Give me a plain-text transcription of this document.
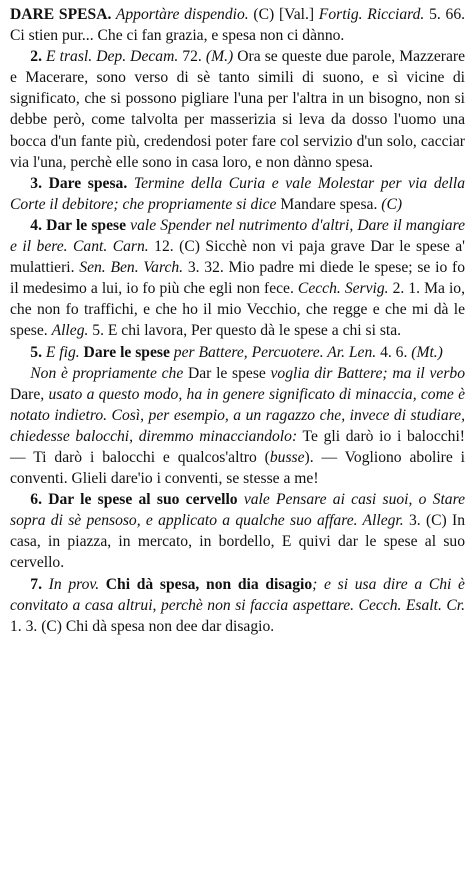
DARE SPESA. Apportàre dispendio. (C) [Val.] Fortig. Ricciard. 5. 66. Ci stien pur... Che ci fan grazia, e spesa non ci dànno.

2. E trasl. Dep. Decam. 72. (M.) Ora se queste due parole, Mazzerare e Macerare, sono verso di sè tanto simili di suono, e sì vicine di significato, che si possono pigliare l'una per l'altra in un bisogno, non si debbe però, come talvolta per masserizia si leva da dosso l'uomo una bocca d'un fante più, credendosi poter fare col servizio d'un solo, cacciar via l'una, perchè elle sono in casa loro, e non dànno spesa.

3. Dare spesa. Termine della Curia e vale Molestar per via della Corte il debitore; che propriamente si dice Mandare spesa. (C)

4. Dar le spese vale Spender nel nutrimento d'altri, Dare il mangiare e il bere. Cant. Carn. 12. (C) Sicchè non vi paja grave Dar le spese a' mulattieri. Sen. Ben. Varch. 3. 32. Mio padre mi diede le spese; se io fo il medesimo a lui, io fo più che egli non fece. Cecch. Servig. 2. 1. Ma io, che non fo traffichi, e che ho il mio Vecchio, che regge e che mi dà le spese. Alleg. 5. E chi lavora, Per questo dà le spese a chi si sta.

5. E fig. Dare le spese per Battere, Percuotere. Ar. Len. 4. 6. (Mt.)

Non è propriamente che Dar le spese voglia dir Battere; ma il verbo Dare, usato a questo modo, ha in genere significato di minaccia, come è notato indietro. Così, per esempio, a un ragazzo che, invece di studiare, chiedesse balocchi, diremmo minacciandolo: Te gli darò io i balocchi! — Ti darò i balocchi e qualcos'altro (busse). — Vogliono abolire i conventi. Glieli dare'io i conventi, se stesse a me!

6. Dar le spese al suo cervello vale Pensare ai casi suoi, o Stare sopra di sè pensoso, e applicato a qualche suo affare. Allegr. 3. (C) In casa, in piazza, in mercato, in bordello, E quivi dar le spese al suo cervello.

7. In prov. Chi dà spesa, non dia disagio; e si usa dire a Chi è convitato a casa altrui, perchè non si faccia aspettare. Cecch. Esalt. Cr. 1. 3. (C) Chi dà spesa non dee dar disagio.
